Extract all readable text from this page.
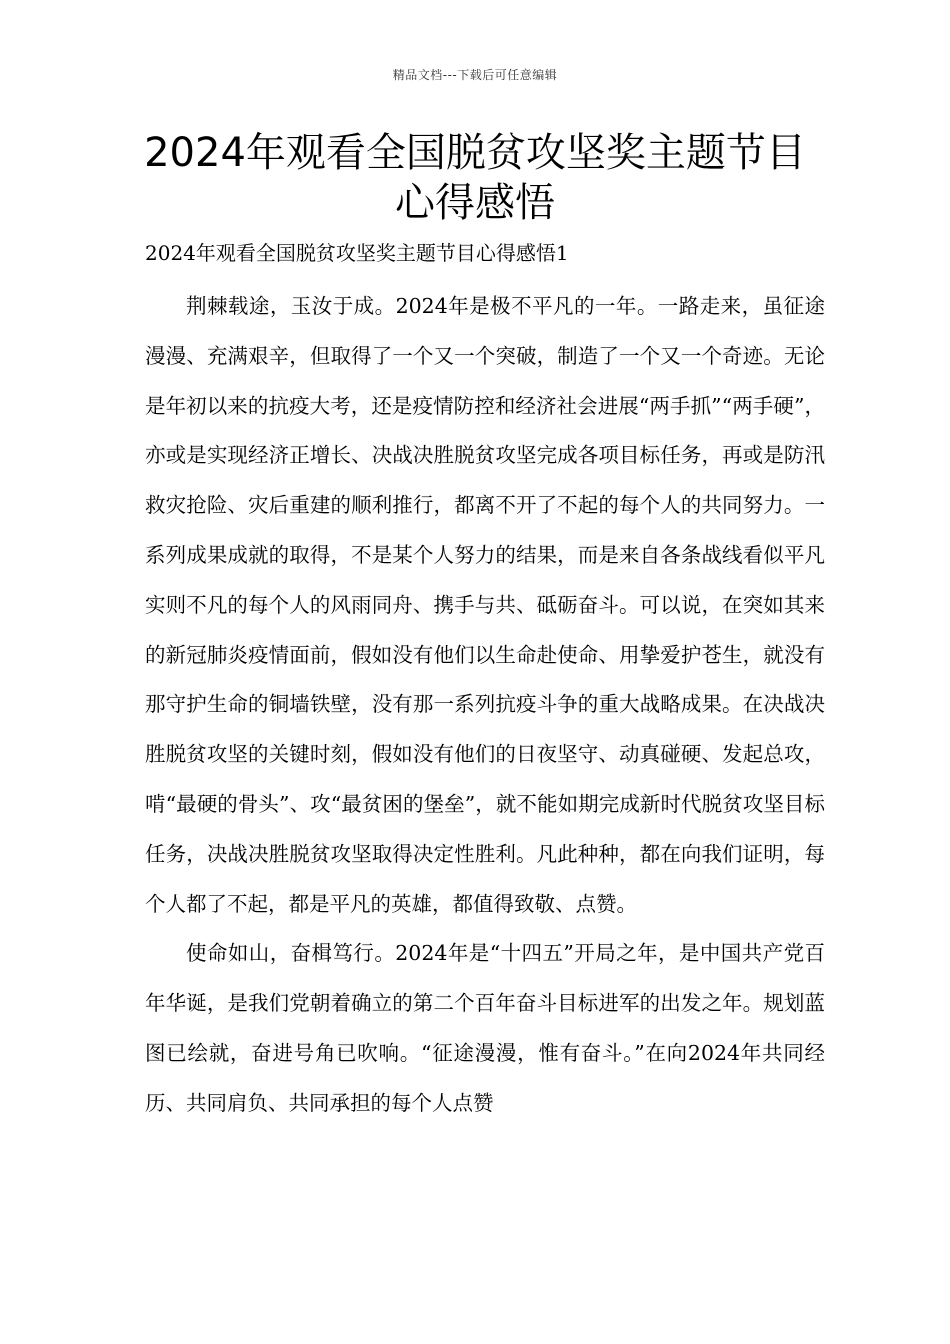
精品文档---下载后可任意编辑
2024年观看全国脱贫攻坚奖主题节目心得感悟
2024年观看全国脱贫攻坚奖主题节目心得感悟1

荆棘载途，玉汝于成。2024年是极不平凡的一年。一路走来，虽征途漫漫、充满艰辛，但取得了一个又一个突破，制造了一个又一个奇迹。无论是年初以来的抗疫大考，还是疫情防控和经济社会进展“两手抓”“两手硬”，亦或是实现经济正增长、决战决胜脱贫攻坚完成各项目标任务，再或是防汛救灾抢险、灾后重建的顺利推行，都离不开了不起的每个人的共同努力。一系列成果成就的取得，不是某个人努力的结果，而是来自各条战线看似平凡实则不凡的每个人的风雨同舟、携手与共、砥砺奋斗。可以说，在突如其来的新冠肺炎疫情面前，假如没有他们以生命赴使命、用挚爱护苍生，就没有那守护生命的铜墙铁壁，没有那一系列抗疫斗争的重大战略成果。在决战决胜脱贫攻坚的关键时刻，假如没有他们的日夜坚守、动真碰硬、发起总攻，啃“最硬的骨头”、攻“最贫困的堡垒”，就不能如期完成新时代脱贫攻坚目标任务，决战决胜脱贫攻坚取得决定性胜利。凡此种种，都在向我们证明，每个人都了不起，都是平凡的英雄，都值得致敬、点赞。

使命如山，奋楫笃行。2024年是“十四五”开局之年，是中国共产党百年华诞，是我们党朝着确立的第二个百年奋斗目标进军的出发之年。规划蓝图已绘就，奋进号角已吹响。“征途漫漫，惟有奋斗。”在向2024年共同经历、共同肩负、共同承担的每个人点赞
